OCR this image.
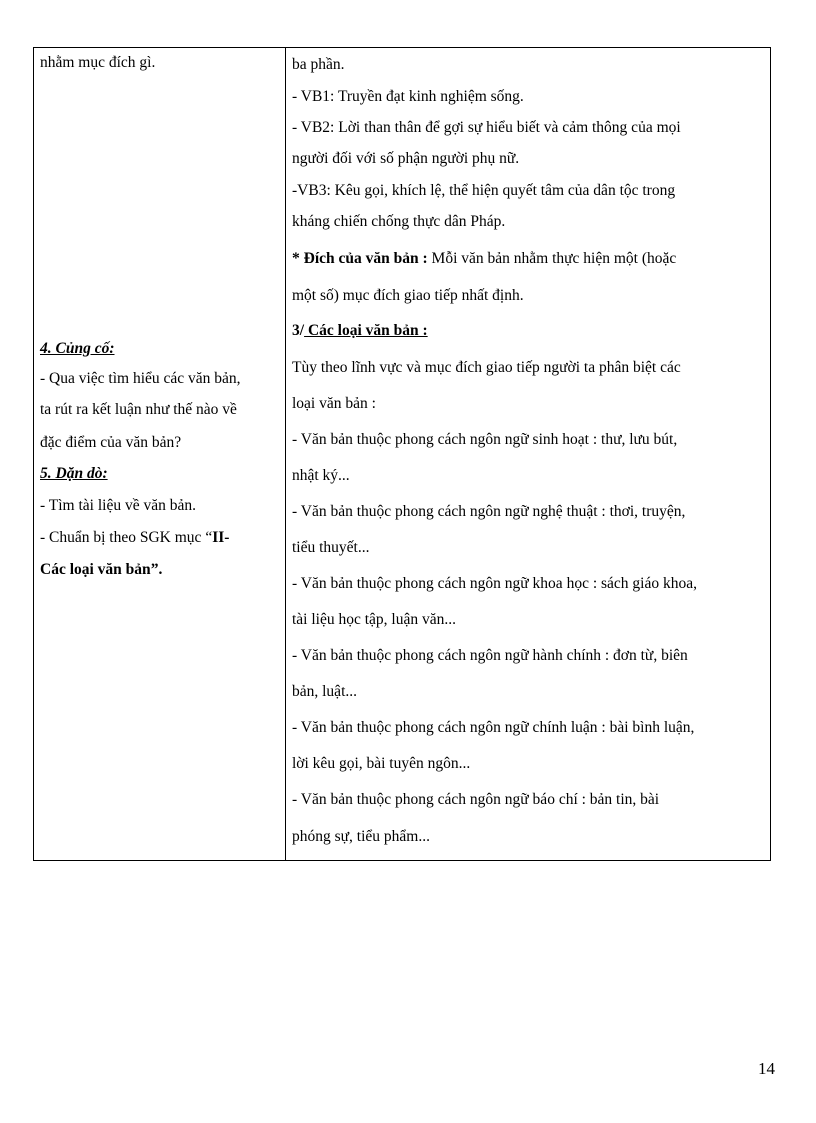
nhằm mục đích gì.
4. Củng cố:
- Qua việc tìm hiểu các văn bản,
ta rút ra kết luận như thế nào về
đặc điểm của văn bản?
5. Dặn dò:
- Tìm tài liệu về văn bản.
- Chuẩn bị theo SGK mục “II-
Các loại văn bản”.
ba phần.
- VB1: Truyền đạt kinh nghiệm sống.
- VB2: Lời than thân để gợi sự hiểu biết và cảm thông của mọi
người đối với số phận người phụ nữ.
-VB3: Kêu gọi, khích lệ, thể hiện quyết tâm của dân tộc trong
kháng chiến chống thực dân Pháp.
* Đích của văn bản : Mỗi văn bản nhằm thực hiện một (hoặc
một số) mục đích giao tiếp nhất định.
3/ Các loại văn bản :
Tùy theo lĩnh vực và mục đích giao tiếp người ta phân biệt các
loại văn bản :
- Văn bản thuộc phong cách ngôn ngữ sinh hoạt : thư, lưu bút,
nhật ký...
- Văn bản thuộc phong cách ngôn ngữ nghệ thuật : thơi, truyện,
tiểu thuyết...
- Văn bản thuộc phong cách ngôn ngữ khoa học : sách giáo khoa,
tài liệu học tập, luận văn...
- Văn bản thuộc phong cách ngôn ngữ hành chính : đơn từ, biên
bản, luật...
- Văn bản thuộc phong cách ngôn ngữ chính luận : bài bình luận,
lời kêu gọi, bài tuyên ngôn...
- Văn bản thuộc phong cách ngôn ngữ báo chí : bản tin, bài
phóng sự, tiểu phẩm...
14
